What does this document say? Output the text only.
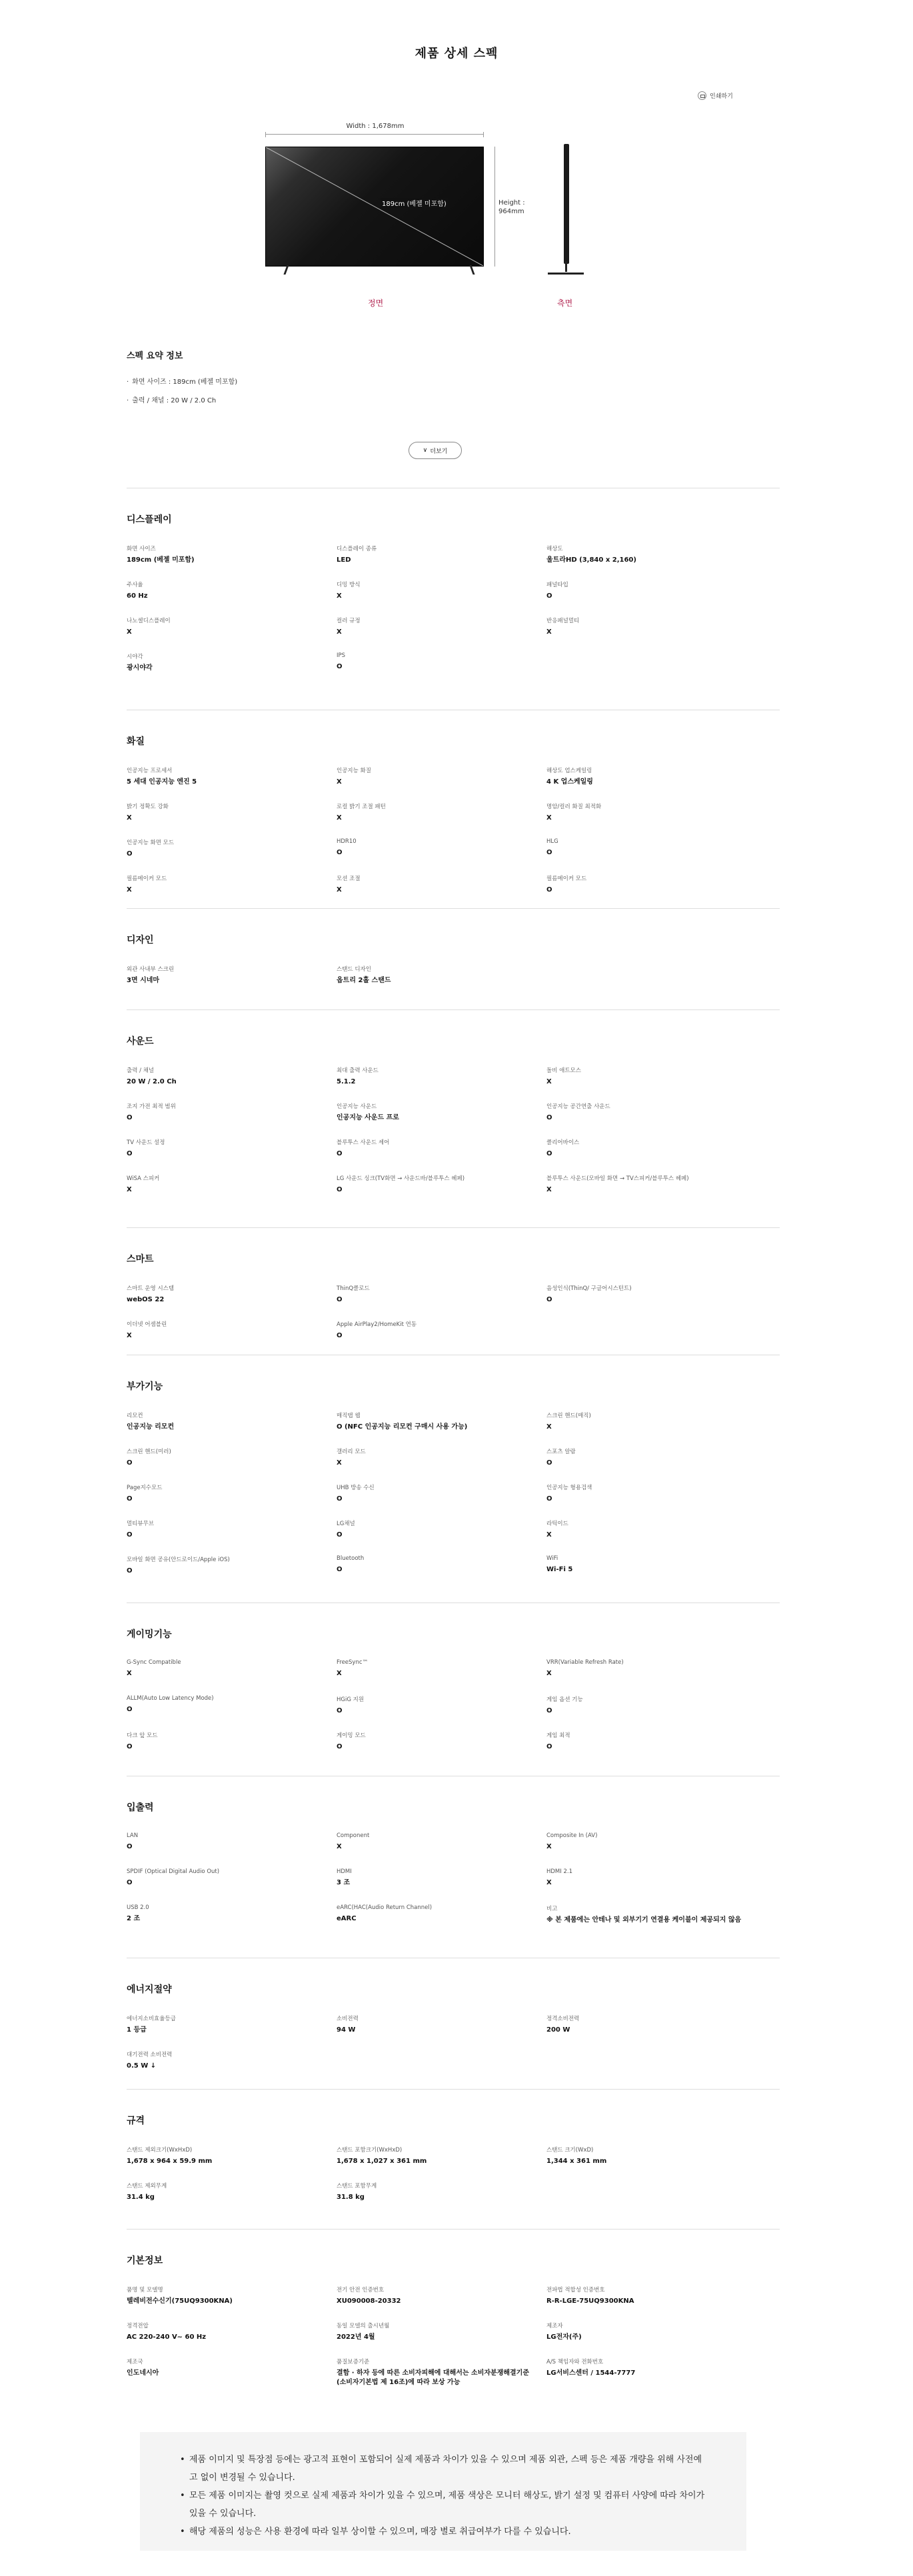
제품 상세 스펙
인쇄하기
Width : 1,678mm
189cm (베젤 미포함)	Height :
964mm
정면	측면
스펙 요약 정보
· 화면 사이즈 : 189cm (베젤 미포함)
· 출력 / 채널 : 20 W / 2.0 Ch
∨ 더보기
디스플레이
화면 사이즈
189cm (베젤 미포함)
디스플레이 종류
LED
해상도
울트라HD (3,840 x 2,160)
주사율
60 Hz
디밍 방식
X
패널타입
O
나노셀디스플레이
X
컬러 규정
X
반응패널멀티
X
시야각
광시야각
IPS
O
화질
인공지능 프로세서
5 세대 인공지능 엔진 5
인공지능 화질
X
해상도 업스케일링
4 K 업스케일링
밝기 정확도 강화
X
로컬 밝기 조절 패턴
X
명암/컬러 화질 최적화
X
인공지능 화면 모드
O
HDR10
O
HLG
O
필름메이커 모드
X
모션 조절
X
필름메이커 모드
O
디자인
외관 사내부 스크린
3면 시네마
스탠드 디자인
옵트리 2홀 스탠드
사운드
출력 / 채널
20 W / 2.0 Ch
최대 출력 사운드
5.1.2
돌비 애트모스
X
조지 가전 최적 범위
O
인공지능 사운드
인공지능 사운드 프로
인공지능 공간연출 사운드
O
TV 사운드 설정
O
블루투스 사운드 셰어
O
클리어바이스
O
WiSA 스피커
X
LG 사운드 싱크(TV화면 → 사운드바/블루투스 헤페)
O
블루투스 사운드(모바일 화면 → TV스피커/블루투스 헤페)
X
스마트
스마트 운영 시스템
webOS 22
ThinQ클로드
O
음성인식(ThinQ/ 구글어시스턴트)
O
이더넷 어셈블린
X
Apple AirPlay2/HomeKit 연동
O
부가기능
리모컨
인공지능 리모컨
매직탭 웹
O (NFC 인공지능 리모컨 구매시 사용 가능)
스크린 핸드(매직)
X
스크린 핸드(미러)
O
갤러리 모드
X
스포츠 알람
O
Page지수모드
O
UHB 방송 수신
O
인공지능 형용검색
O
멀티뷰무브
O
LG채널
O
라틱이드
X
모바일 화면 공유(안드로이드/Apple iOS)
O
Bluetooth
O
WiFi
Wi-Fi 5
게이밍기능
G-Sync Compatible
X
FreeSync™
X
VRR(Variable Refresh Rate)
X
ALLM(Auto Low Latency Mode)
O
HGiG 지원
O
게임 옵션 기능
O
다크 앞 모드
O
게이밍 모드
O
게임 최적
O
입출력
LAN
O
Component
X
Composite In (AV)
X
SPDIF (Optical Digital Audio Out)
O
HDMI
3 조
HDMI 2.1
X
USB 2.0
2 조
eARC(HAC(Audio Return Channel)
eARC
비고
※ 본 제품에는 안테나 및 외부기기 연결용 케이블이 제공되지 않음
에너지절약
에너지소비효율등급
1 등급
소비전력
94 W
정격소비전력
200 W
대기전력 소비전력
0.5 W ↓
규격
스탠드 제외크기(WxHxD)
1,678 x 964 x 59.9 mm
스탠드 포함크기(WxHxD)
1,678 x 1,027 x 361 mm
스탠드 크기(WxD)
1,344 x 361 mm
스탠드 제외무게
31.4 kg
스탠드 포함무게
31.8 kg
기본정보
품명 및 모델명
텔레비전수신기(75UQ9300KNA)
전기 안전 인증번호
XU090008-20332
전파법 적합성 인증번호
R-R-LGE-75UQ9300KNA
정격전압
AC 220-240 V~ 60 Hz
동일 모델의 출시년월
2022년 4월
제조자
LG전자(주)
제조국
인도네시아
품질보증기준
결함 · 하자 등에 따른 소비자피해에 대해서는 소비자분쟁해결기준 (소비자기본법 제 16조)에 따라 보상 가능
A/S 책임자와 전화번호
LG서비스센터 / 1544-7777
• 제품 이미지 및 특장점 등에는 광고적 표현이 포함되어 실제 제품과 차이가 있을 수 있으며 제품 외관, 스펙 등은 제품 개량을 위해 사전예고 없이 변경될 수 있습니다.
• 모든 제품 이미지는 촬영 컷으로 실제 제품과 차이가 있을 수 있으며, 제품 색상은 모니터 해상도, 밝기 설정 및 컴퓨터 사양에 따라 차이가 있을 수 있습니다.
• 해당 제품의 성능은 사용 환경에 따라 일부 상이할 수 있으며, 매장 별로 취급여부가 다를 수 있습니다.
